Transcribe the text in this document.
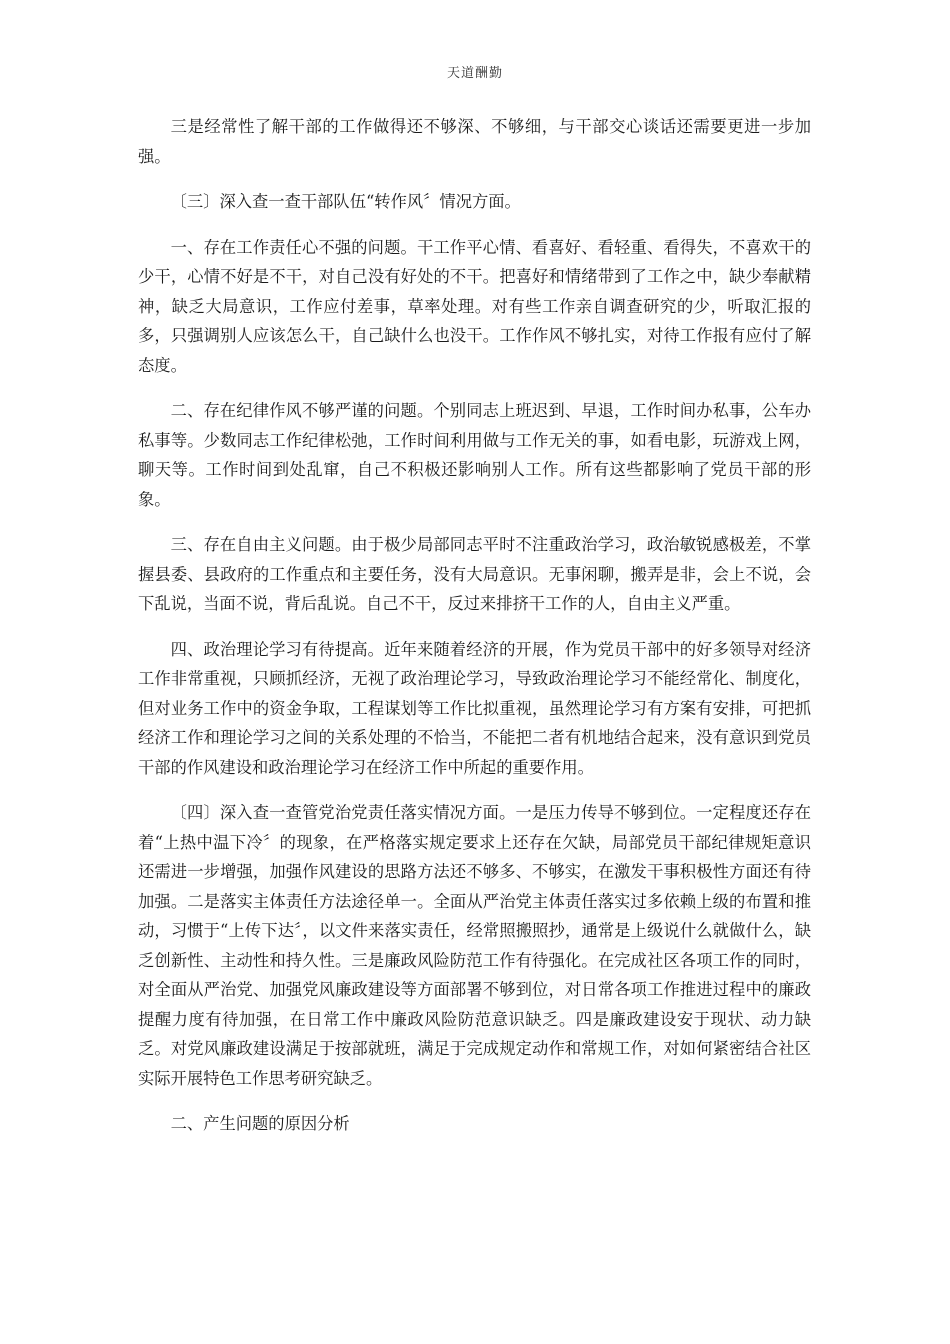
天道酬勤

三是经常性了解干部的工作做得还不够深、不够细，与干部交心谈话还需要更进一步加强。

〔三〕深入查一查干部队伍“转作风〞情况方面。

一、存在工作责任心不强的问题。干工作平心情、看喜好、看轻重、看得失，不喜欢干的少干，心情不好是不干，对自己没有好处的不干。把喜好和情绪带到了工作之中，缺少奉献精神，缺乏大局意识，工作应付差事，草率处理。对有些工作亲自调查研究的少，听取汇报的多，只强调别人应该怎么干，自己缺什么也没干。工作作风不够扎实，对待工作报有应付了解态度。

二、存在纪律作风不够严谨的问题。个别同志上班迟到、早退，工作时间办私事，公车办私事等。少数同志工作纪律松弛，工作时间利用做与工作无关的事，如看电影，玩游戏上网，聊天等。工作时间到处乱窜，自己不积极还影响别人工作。所有这些都影响了党员干部的形象。

三、存在自由主义问题。由于极少局部同志平时不注重政治学习，政治敏锐感极差，不掌握县委、县政府的工作重点和主要任务，没有大局意识。无事闲聊，搬弄是非，会上不说，会下乱说，当面不说，背后乱说。自己不干，反过来排挤干工作的人，自由主义严重。

四、政治理论学习有待提高。近年来随着经济的开展，作为党员干部中的好多领导对经济工作非常重视，只顾抓经济，无视了政治理论学习，导致政治理论学习不能经常化、制度化，但对业务工作中的资金争取，工程谋划等工作比拟重视，虽然理论学习有方案有安排，可把抓经济工作和理论学习之间的关系处理的不恰当，不能把二者有机地结合起来，没有意识到党员干部的作风建设和政治理论学习在经济工作中所起的重要作用。

〔四〕深入查一查管党治党责任落实情况方面。一是压力传导不够到位。一定程度还存在着“上热中温下冷〞的现象，在严格落实规定要求上还存在欠缺，局部党员干部纪律规矩意识还需进一步增强，加强作风建设的思路方法还不够多、不够实，在激发干事积极性方面还有待加强。二是落实主体责任方法途径单一。全面从严治党主体责任落实过多依赖上级的布置和推动，习惯于“上传下达〞，以文件来落实责任，经常照搬照抄，通常是上级说什么就做什么，缺乏创新性、主动性和持久性。三是廉政风险防范工作有待强化。在完成社区各项工作的同时，对全面从严治党、加强党风廉政建设等方面部署不够到位，对日常各项工作推进过程中的廉政提醒力度有待加强，在日常工作中廉政风险防范意识缺乏。四是廉政建设安于现状、动力缺乏。对党风廉政建设满足于按部就班，满足于完成规定动作和常规工作，对如何紧密结合社区实际开展特色工作思考研究缺乏。

二、产生问题的原因分析
